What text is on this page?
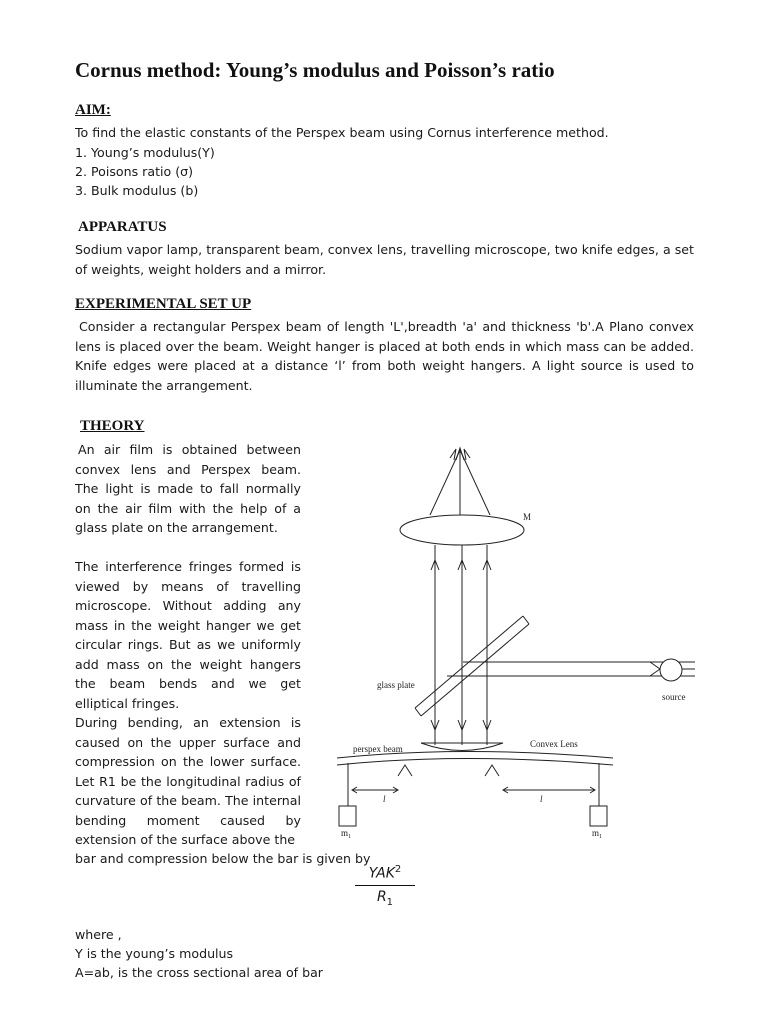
Cornus method: Young’s modulus and Poisson’s ratio
AIM:

To find the elastic constants of the Perspex beam using Cornus interference method.

1. Young’s modulus(Y)

2. Poisons ratio (σ)

3. Bulk modulus (b)

APPARATUS

Sodium vapor lamp, transparent beam, convex lens, travelling microscope, two knife edges, a set of weights, weight holders and a mirror.

EXPERIMENTAL SET UP

Consider a rectangular Perspex beam of length 'L',breadth 'a' and thickness 'b'.A Plano convex lens is placed over the beam. Weight hanger is placed at both ends in which mass can be added. Knife edges were placed at a distance ‘l’ from both weight hangers. A light source is used to illuminate the arrangement.

THEORY

An air film is obtained between convex lens and Perspex beam. The light is made to fall normally on the air film with the help of a glass plate on the arrangement.

The interference fringes formed is viewed by means of travelling microscope. Without adding any mass in the weight hanger we get circular rings. But as we uniformly add mass on the weight hangers the beam bends and we get elliptical fringes.

During bending, an extension is caused on the upper surface and compression on the lower surface. Let R1 be the longitudinal radius of curvature of the beam. The internal bending moment caused by extension of the surface above the

bar and compression below the bar is given by

YAK$^2$
$R_1$

where ,

Y is the young’s modulus

A=ab, is the cross sectional area of bar

M
glass plate
source
Convex Lens
perspex beam
l	l
$m_1$	$m_1$
